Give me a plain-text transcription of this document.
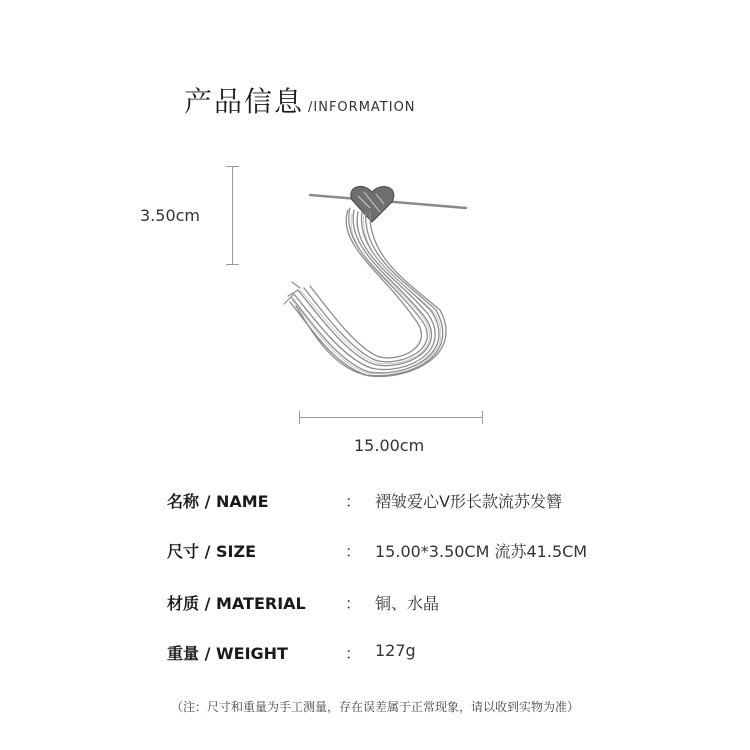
产品信息 /INFORMATION
3.50cm
15.00cm
名称 / NAME	： 褶皱爱心V形长款流苏发簪
尺寸 / SIZE	： 15.00*3.50CM 流苏41.5CM
材质 / MATERIAL ： 铜、水晶
重量 / WEIGHT	： 127g
（注：尺寸和重量为手工测量，存在误差属于正常现象，请以收到实物为准）
